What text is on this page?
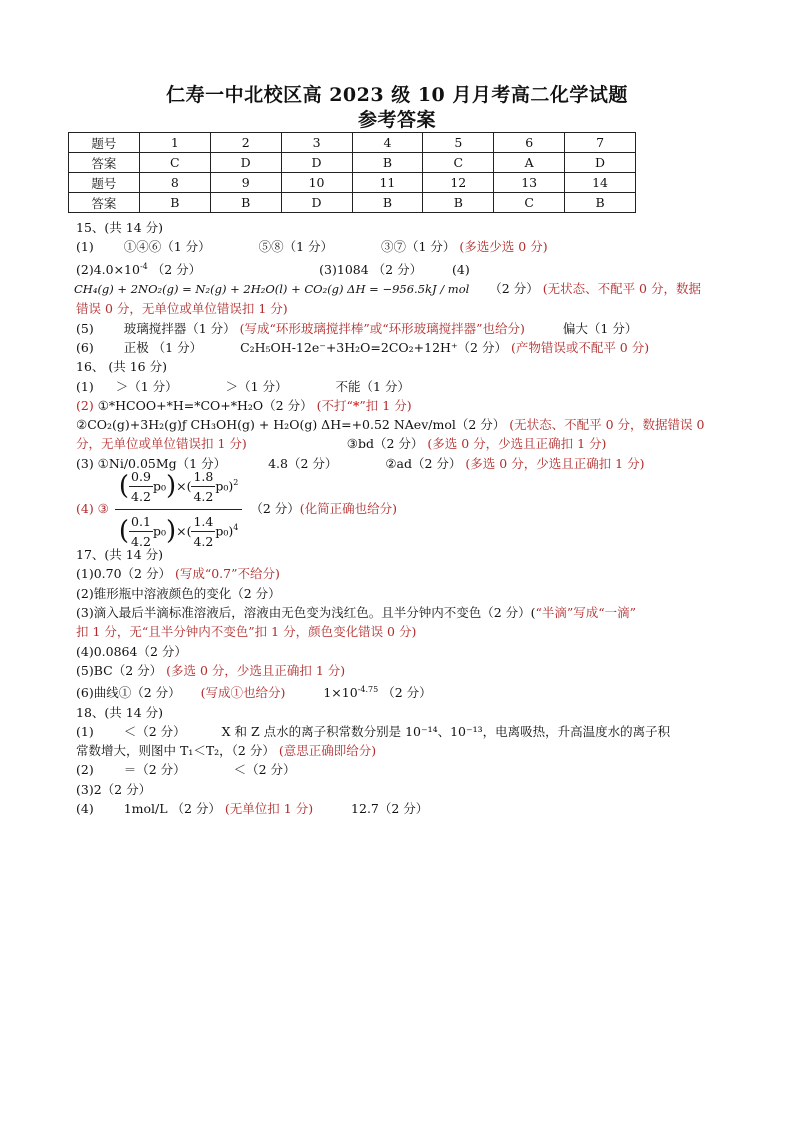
仁寿一中北校区高 2023 级 10 月月考高二化学试题
参考答案
题号	1	2	3	4	5	6	7
答案	C	D	D	B	C	A	D
题号	8	9	10	11	12	13	14
答案	B	B	D	B	B	C	B
15、(共 14 分)
(1) ①④⑥（1 分）	⑤⑧（1 分）	③⑦（1 分） (多选少选 0 分)
$(2)4.0\times 10^{-4}$ （2 分）	(3)1084 （2 分） (4)
CH₄(g) + 2NO₂(g) = N₂(g) + 2H₂O(l) + CO₂(g) ΔH = −956.5kJ / mol （2 分） (无状态、不配平 0 分，数据
错误 0 分，无单位或单位错误扣 1 分)
(5) 玻璃搅拌器（1 分） (写成“环形玻璃搅拌棒”或“环形玻璃搅拌器”也给分)	偏大（1 分）
(6) 正极 （1 分）	C₂H₅OH-12e⁻+3H₂O=2CO₂+12H⁺（2 分） (产物错误或不配平 0 分)
16、 (共 16 分)
(1) ＞（1 分）	＞（1 分）	不能（1 分）
(2) ①*HCOO+*H=*CO+*H₂O（2 分） (不打“*”扣 1 分)
②CO₂(g)+3H₂(g)ƒ CH₃OH(g) + H₂O(g) ΔH=+0.52 NAev/mol（2 分） (无状态、不配平 0 分，数据错误 0
分，无单位或单位错误扣 1 分)	③bd（2 分） (多选 0 分，少选且正确扣 1 分)
(3) ①Ni/0.05Mg（1 分）	4.8（2 分）	②ad（2 分） (多选 0 分，少选且正确扣 1 分)
(4) ③ $\frac{( \frac{0.9}{4.2} p_0)\times( \frac{1.8}{4.2} p_0)^2}{( \frac{0.1}{4.2} p_0)\times( \frac{1.4}{4.2} p_0)^4} (2$ 分） (化简正确也给分)
17、(共 14 分)
(1)0.70（2 分） (写成“0.7”不给分)
(2)锥形瓶中溶液颜色的变化（2 分）
(3)滴入最后半滴标准溶液后，溶液由无色变为浅红色。且半分钟内不变色（2 分）(“半滴”写成“一滴”
扣 1 分，无“且半分钟内不变色”扣 1 分，颜色变化错误 0 分)
(4)0.0864（2 分）
(5)BC（2 分） (多选 0 分，少选且正确扣 1 分)
(6)曲线①（2 分） (写成①也给分)	$1\times 10^{-4.75}$ （2 分）
18、(共 14 分)
(1) ＜（2 分）	X 和 Z 点水的离子积常数分别是 10⁻¹⁴、10⁻¹³，电离吸热，升高温度水的离子积
常数增大，则图中 T₁＜T₂，（2 分） (意思正确即给分)
(2) ＝（2 分）	＜（2 分）
(3)2（2 分）
(4) 1mol/L （2 分） (无单位扣 1 分)	12.7（2 分）
